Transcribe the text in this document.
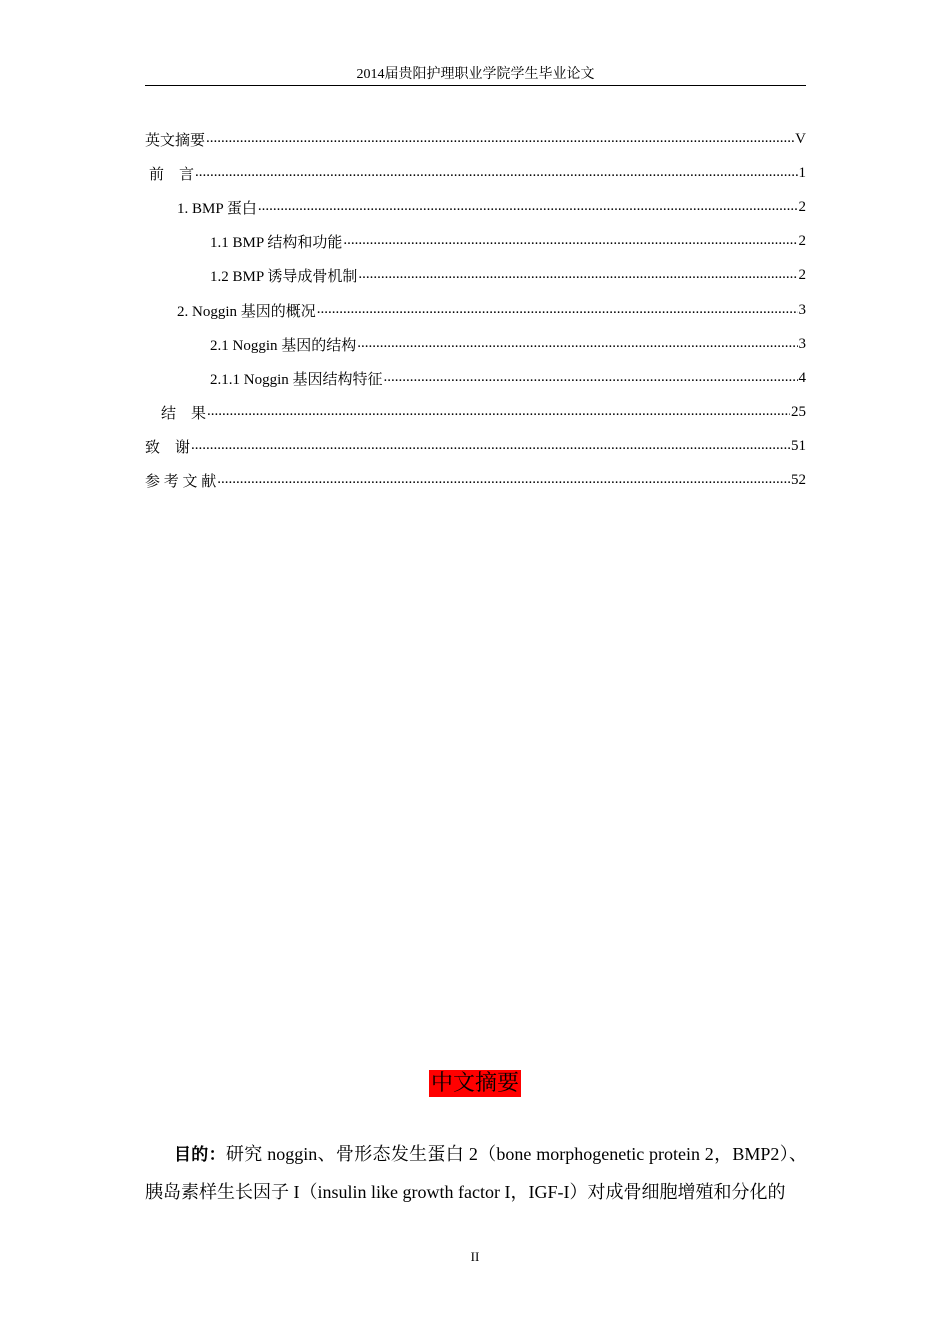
2014届贵阳护理职业学院学生毕业论文
英文摘要 .....	V
前　言 .....	1
1. BMP 蛋白 .....	2
1.1 BMP 结构和功能 .....	2
1.2 BMP 诱导成骨机制 .....	2
2. Noggin 基因的概况 .....	3
2.1 Noggin 基因的结构 .....	3
2.1.1 Noggin 基因结构特征 .....	4
结　果 .....	25
致　谢 .....	51
参 考 文 献 .....	52
中文摘要

目的：研究 noggin、骨形态发生蛋白 2（bone morphogenetic protein 2，BMP2）、胰岛素样生长因子 I（insulin like growth factor I，IGF-I）对成骨细胞增殖和分化的

II
